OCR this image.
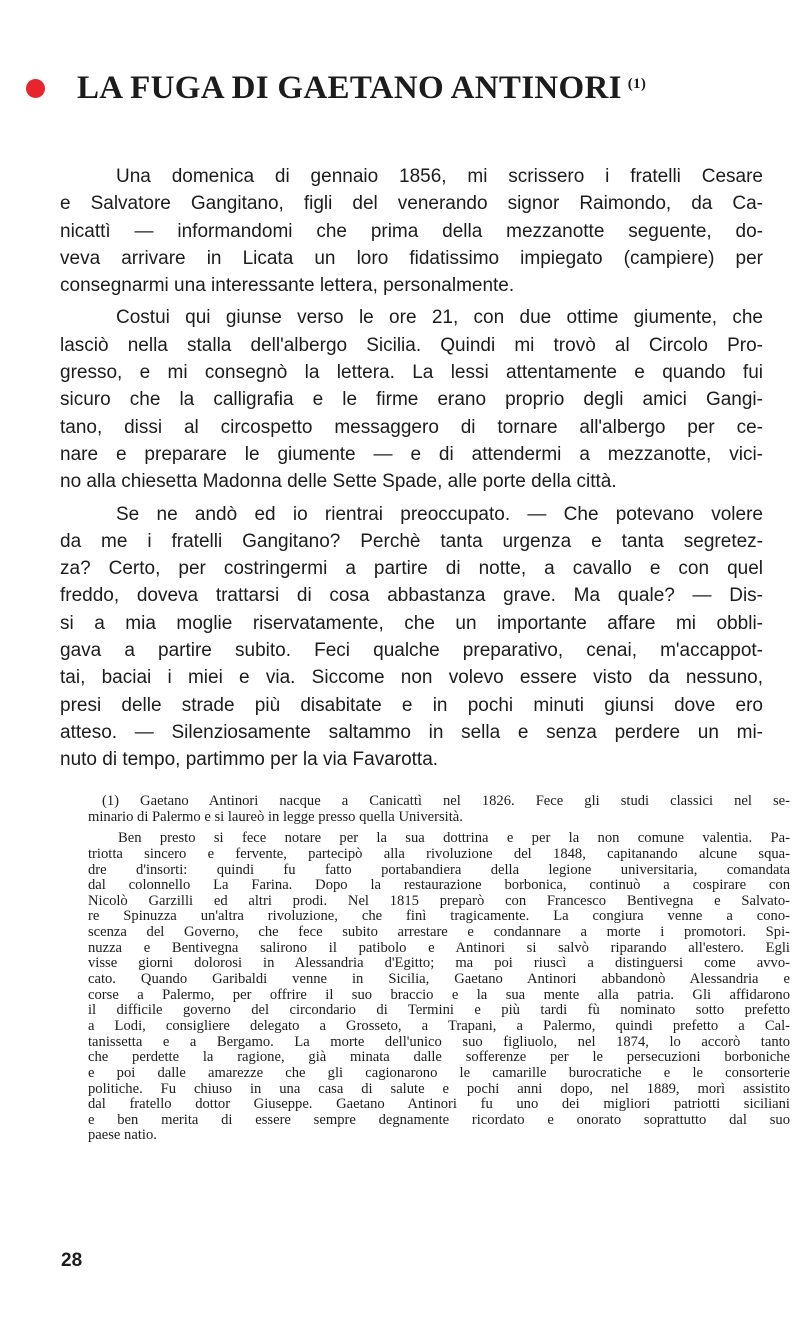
LA FUGA DI GAETANO ANTINORI $^{(1)}$
Una domenica di gennaio 1856, mi scrissero i fratelli Cesare
e Salvatore Gangitano, figli del venerando signor Raimondo, da Ca-
nicattì — informandomi che prima della mezzanotte seguente, do-
veva arrivare in Licata un loro fidatissimo impiegato (campiere) per
consegnarmi una interessante lettera, personalmente.
Costui qui giunse verso le ore 21, con due ottime giumente, che
lasciò nella stalla dell'albergo Sicilia. Quindi mi trovò al Circolo Pro-
gresso, e mi consegnò la lettera. La lessi attentamente e quando fui
sicuro che la calligrafia e le firme erano proprio degli amici Gangi-
tano, dissi al circospetto messaggero di tornare all'albergo per ce-
nare e preparare le giumente — e di attendermi a mezzanotte, vici-
no alla chiesetta Madonna delle Sette Spade, alle porte della città.
Se ne andò ed io rientrai preoccupato. — Che potevano volere
da me i fratelli Gangitano? Perchè tanta urgenza e tanta segretez-
za? Certo, per costringermi a partire di notte, a cavallo e con quel
freddo, doveva trattarsi di cosa abbastanza grave. Ma quale? — Dis-
si a mia moglie riservatamente, che un importante affare mi obbli-
gava a partire subito. Feci qualche preparativo, cenai, m'accappot-
tai, baciai i miei e via. Siccome non volevo essere visto da nessuno,
presi delle strade più disabitate e in pochi minuti giunsi dove ero
atteso. — Silenziosamente saltammo in sella e senza perdere un mi-
nuto di tempo, partimmo per la via Favarotta.
(1) Gaetano Antinori nacque a Canicattì nel 1826. Fece gli studi classici nel se-
minario di Palermo e si laureò in legge presso quella Università.
Ben presto si fece notare per la sua dottrina e per la non comune valentia. Pa-
triotta sincero e fervente, partecipò alla rivoluzione del 1848, capitanando alcune squa-
dre d'insorti: quindi fu fatto portabandiera della legione universitaria, comandata
dal colonnello La Farina. Dopo la restaurazione borbonica, continuò a cospirare con
Nicolò Garzilli ed altri prodi. Nel 1815 preparò con Francesco Bentivegna e Salvato-
re Spinuzza un'altra rivoluzione, che finì tragicamente. La congiura venne a cono-
scenza del Governo, che fece subito arrestare e condannare a morte i promotori. Spi-
nuzza e Bentivegna salirono il patibolo e Antinori si salvò riparando all'estero. Egli
visse giorni dolorosi in Alessandria d'Egitto; ma poi riuscì a distinguersi come avvo-
cato. Quando Garibaldi venne in Sicilia, Gaetano Antinori abbandonò Alessandria e
corse a Palermo, per offrire il suo braccio e la sua mente alla patria. Gli affidarono
il difficile governo del circondario di Termini e più tardi fù nominato sotto prefetto
a Lodi, consigliere delegato a Grosseto, a Trapani, a Palermo, quindi prefetto a Cal-
tanissetta e a Bergamo. La morte dell'unico suo figliuolo, nel 1874, lo accorò tanto
che perdette la ragione, già minata dalle sofferenze per le persecuzioni borboniche
e poi dalle amarezze che gli cagionarono le camarille burocratiche e le consorterie
politiche. Fu chiuso in una casa di salute e pochi anni dopo, nel 1889, morì assistito
dal fratello dottor Giuseppe. Gaetano Antinori fu uno dei migliori patriotti siciliani
e ben merita di essere sempre degnamente ricordato e onorato soprattutto dal suo
paese natio.
28
